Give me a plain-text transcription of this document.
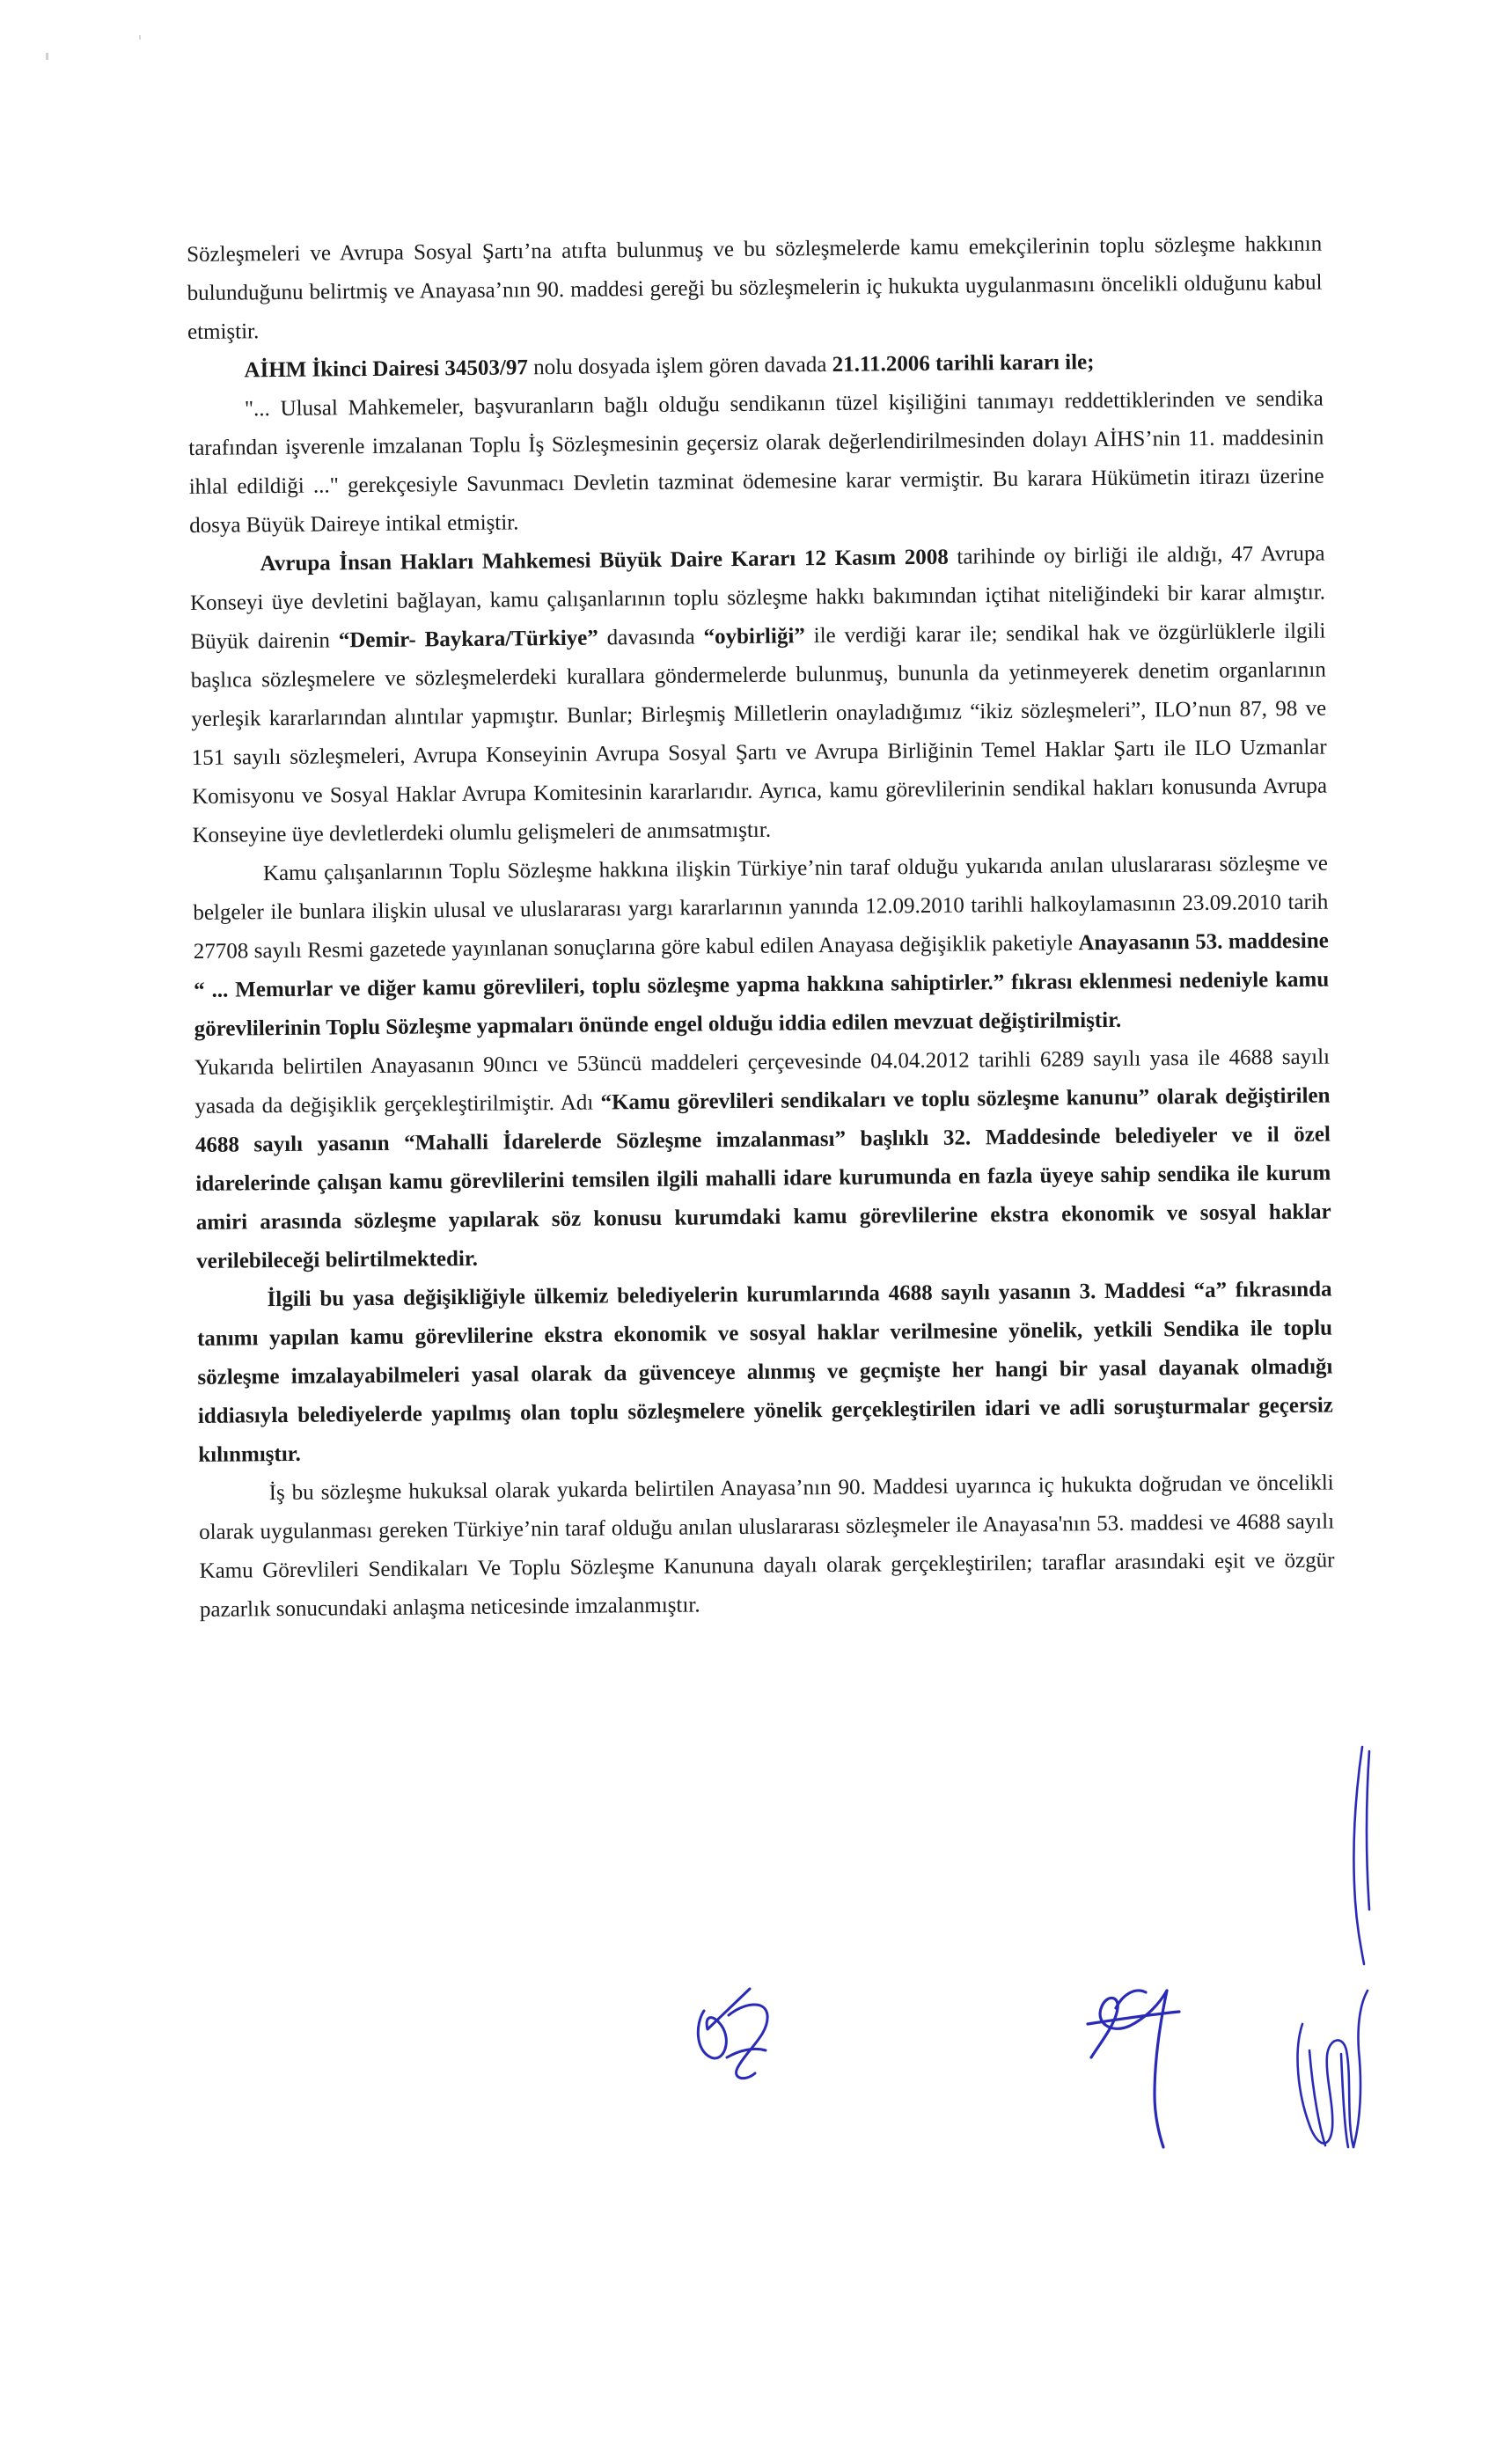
Sözleşmeleri ve Avrupa Sosyal Şartı’na atıfta bulunmuş ve bu sözleşmelerde kamu emekçilerinin toplu sözleşme hakkının bulunduğunu belirtmiş ve Anayasa’nın 90. maddesi gereği bu sözleşmelerin iç hukukta uygulanmasını öncelikli olduğunu kabul etmiştir.

AİHM İkinci Dairesi 34503/97 nolu dosyada işlem gören davada 21.11.2006 tarihli kararı ile;

"... Ulusal Mahkemeler, başvuranların bağlı olduğu sendikanın tüzel kişiliğini tanımayı reddettiklerinden ve sendika tarafından işverenle imzalanan Toplu İş Sözleşmesinin geçersiz olarak değerlendirilmesinden dolayı AİHS’nin 11. maddesinin ihlal edildiği ..." gerekçesiyle Savunmacı Devletin tazminat ödemesine karar vermiştir. Bu karara Hükümetin itirazı üzerine dosya Büyük Daireye intikal etmiştir.

Avrupa İnsan Hakları Mahkemesi Büyük Daire Kararı 12 Kasım 2008 tarihinde oy birliği ile aldığı, 47 Avrupa Konseyi üye devletini bağlayan, kamu çalışanlarının toplu sözleşme hakkı bakımından içtihat niteliğindeki bir karar almıştır. Büyük dairenin “Demir- Baykara/Türkiye” davasında “oybirliği” ile verdiği karar ile; sendikal hak ve özgürlüklerle ilgili başlıca sözleşmelere ve sözleşmelerdeki kurallara göndermelerde bulunmuş, bununla da yetinmeyerek denetim organlarının yerleşik kararlarından alıntılar yapmıştır. Bunlar; Birleşmiş Milletlerin onayladığımız “ikiz sözleşmeleri”, ILO’nun 87, 98 ve 151 sayılı sözleşmeleri, Avrupa Konseyinin Avrupa Sosyal Şartı ve Avrupa Birliğinin Temel Haklar Şartı ile ILO Uzmanlar Komisyonu ve Sosyal Haklar Avrupa Komitesinin kararlarıdır. Ayrıca, kamu görevlilerinin sendikal hakları konusunda Avrupa Konseyine üye devletlerdeki olumlu gelişmeleri de anımsatmıştır.

Kamu çalışanlarının Toplu Sözleşme hakkına ilişkin Türkiye’nin taraf olduğu yukarıda anılan uluslararası sözleşme ve belgeler ile bunlara ilişkin ulusal ve uluslararası yargı kararlarının yanında 12.09.2010 tarihli halkoylamasının 23.09.2010 tarih 27708 sayılı Resmi gazetede yayınlanan sonuçlarına göre kabul edilen Anayasa değişiklik paketiyle Anayasanın 53. maddesine “ ... Memurlar ve diğer kamu görevlileri, toplu sözleşme yapma hakkına sahiptirler.” fıkrası eklenmesi nedeniyle kamu görevlilerinin Toplu Sözleşme yapmaları önünde engel olduğu iddia edilen mevzuat değiştirilmiştir.

Yukarıda belirtilen Anayasanın 90ıncı ve 53üncü maddeleri çerçevesinde 04.04.2012 tarihli 6289 sayılı yasa ile 4688 sayılı yasada da değişiklik gerçekleştirilmiştir. Adı “Kamu görevlileri sendikaları ve toplu sözleşme kanunu” olarak değiştirilen 4688 sayılı yasanın “Mahalli İdarelerde Sözleşme imzalanması” başlıklı 32. Maddesinde belediyeler ve il özel idarelerinde çalışan kamu görevlilerini temsilen ilgili mahalli idare kurumunda en fazla üyeye sahip sendika ile kurum amiri arasında sözleşme yapılarak söz konusu kurumdaki kamu görevlilerine ekstra ekonomik ve sosyal haklar verilebileceği belirtilmektedir.

İlgili bu yasa değişikliğiyle ülkemiz belediyelerin kurumlarında 4688 sayılı yasanın 3. Maddesi “a” fıkrasında tanımı yapılan kamu görevlilerine ekstra ekonomik ve sosyal haklar verilmesine yönelik, yetkili Sendika ile toplu sözleşme imzalayabilmeleri yasal olarak da güvenceye alınmış ve geçmişte her hangi bir yasal dayanak olmadığı iddiasıyla belediyelerde yapılmış olan toplu sözleşmelere yönelik gerçekleştirilen idari ve adli soruşturmalar geçersiz kılınmıştır.

İş bu sözleşme hukuksal olarak yukarda belirtilen Anayasa’nın 90. Maddesi uyarınca iç hukukta doğrudan ve öncelikli olarak uygulanması gereken Türkiye’nin taraf olduğu anılan uluslararası sözleşmeler ile Anayasa'nın 53. maddesi ve 4688 sayılı Kamu Görevlileri Sendikaları Ve Toplu Sözleşme Kanununa dayalı olarak gerçekleştirilen; taraflar arasındaki eşit ve özgür pazarlık sonucundaki anlaşma neticesinde imzalanmıştır.
